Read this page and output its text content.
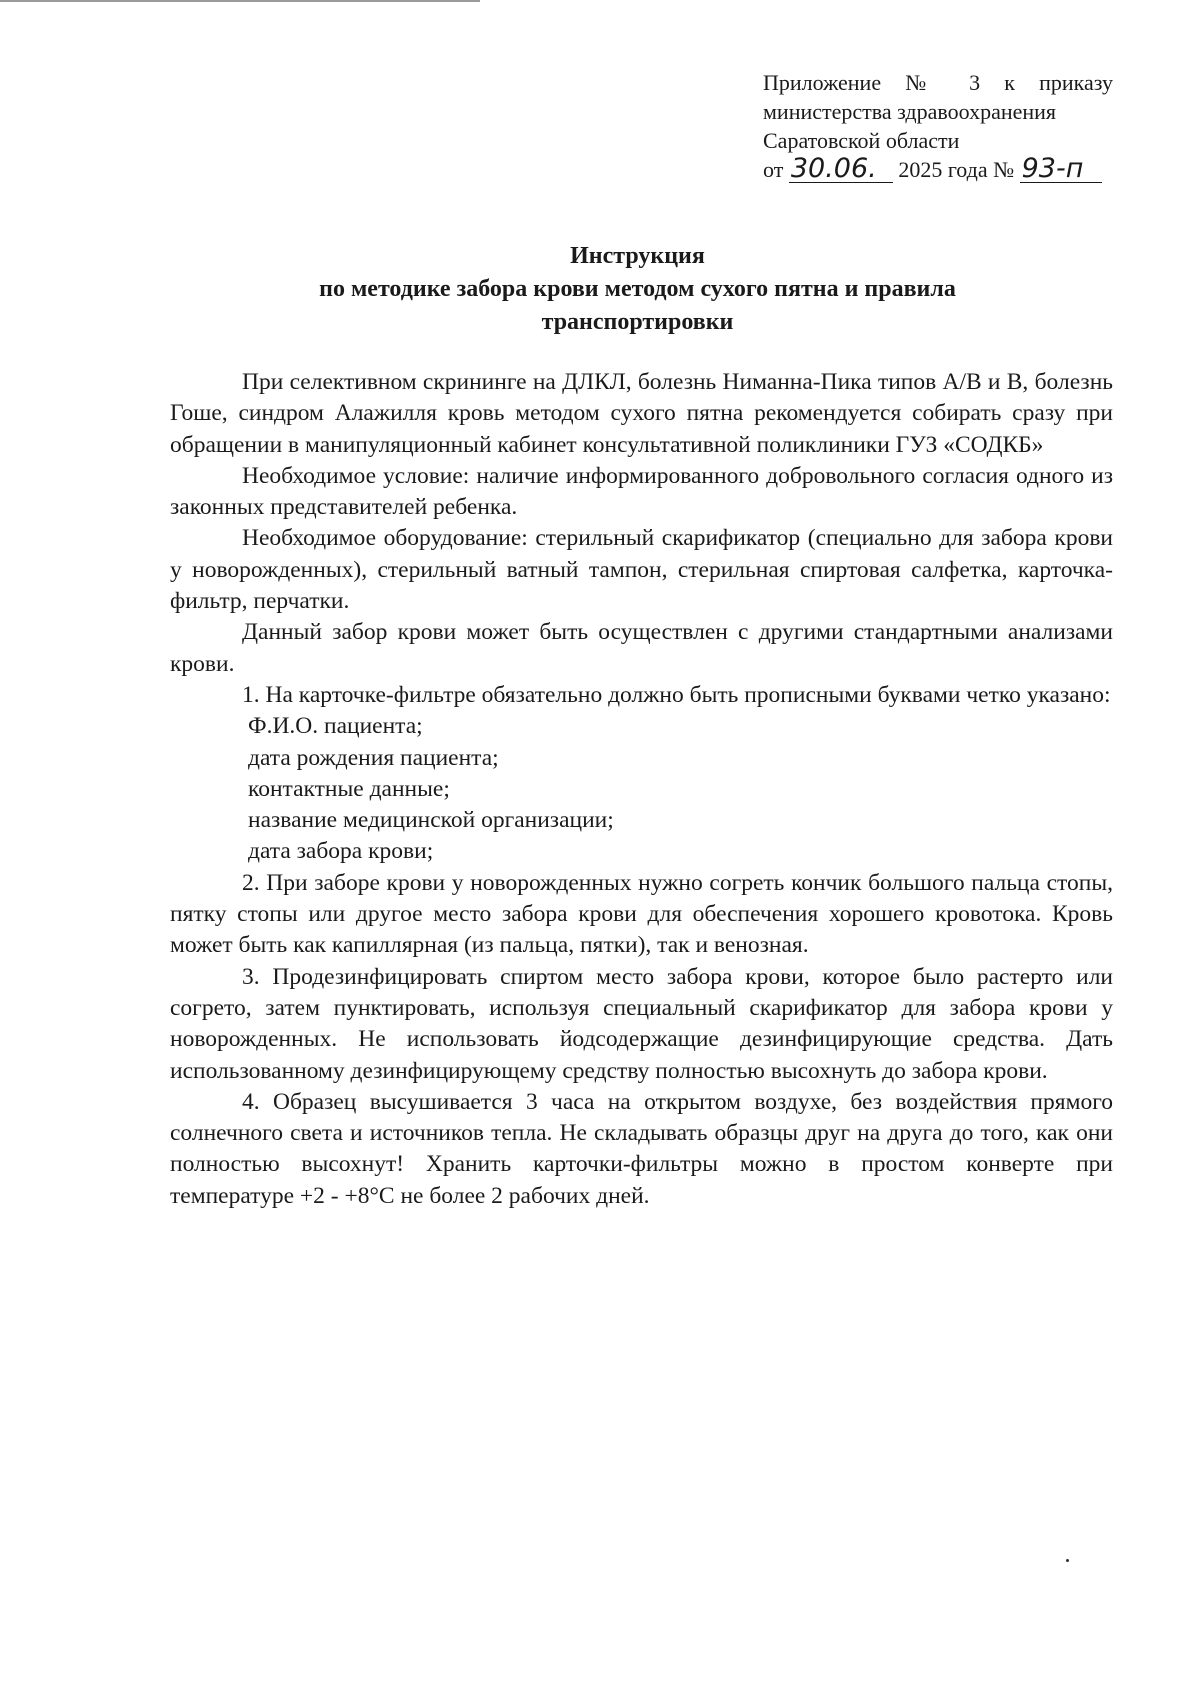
Приложение № 3 к приказу
министерства здравоохранения
Саратовской области
от 30.06. 2025 года № 93-п
Инструкция
по методике забора крови методом сухого пятна и правила
транспортировки

При селективном скрининге на ДЛКЛ, болезнь Ниманна-Пика типов А/В и В, болезнь Гоше, синдром Алажилля кровь методом сухого пятна рекомендуется собирать сразу при обращении в манипуляционный кабинет консультативной поликлиники ГУЗ «СОДКБ»

Необходимое условие: наличие информированного добровольного согласия одного из законных представителей ребенка.

Необходимое оборудование: стерильный скарификатор (специально для забора крови у новорожденных), стерильный ватный тампон, стерильная спиртовая салфетка, карточка-фильтр, перчатки.

Данный забор крови может быть осуществлен с другими стандартными анализами крови.

1. На карточке-фильтре обязательно должно быть прописными буквами четко указано:

Ф.И.О. пациента;
дата рождения пациента;
контактные данные;
название медицинской организации;
дата забора крови;

2. При заборе крови у новорожденных нужно согреть кончик большого пальца стопы, пятку стопы или другое место забора крови для обеспечения хорошего кровотока. Кровь может быть как капиллярная (из пальца, пятки), так и венозная.

3. Продезинфицировать спиртом место забора крови, которое было растерто или согрето, затем пунктировать, используя специальный скарификатор для забора крови у новорожденных. Не использовать йодсодержащие дезинфицирующие средства. Дать использованному дезинфицирующему средству полностью высохнуть до забора крови.

4. Образец высушивается 3 часа на открытом воздухе, без воздействия прямого солнечного света и источников тепла. Не складывать образцы друг на друга до того, как они полностью высохнут! Хранить карточки-фильтры можно в простом конверте при температуре +2 - +8°С не более 2 рабочих дней.
